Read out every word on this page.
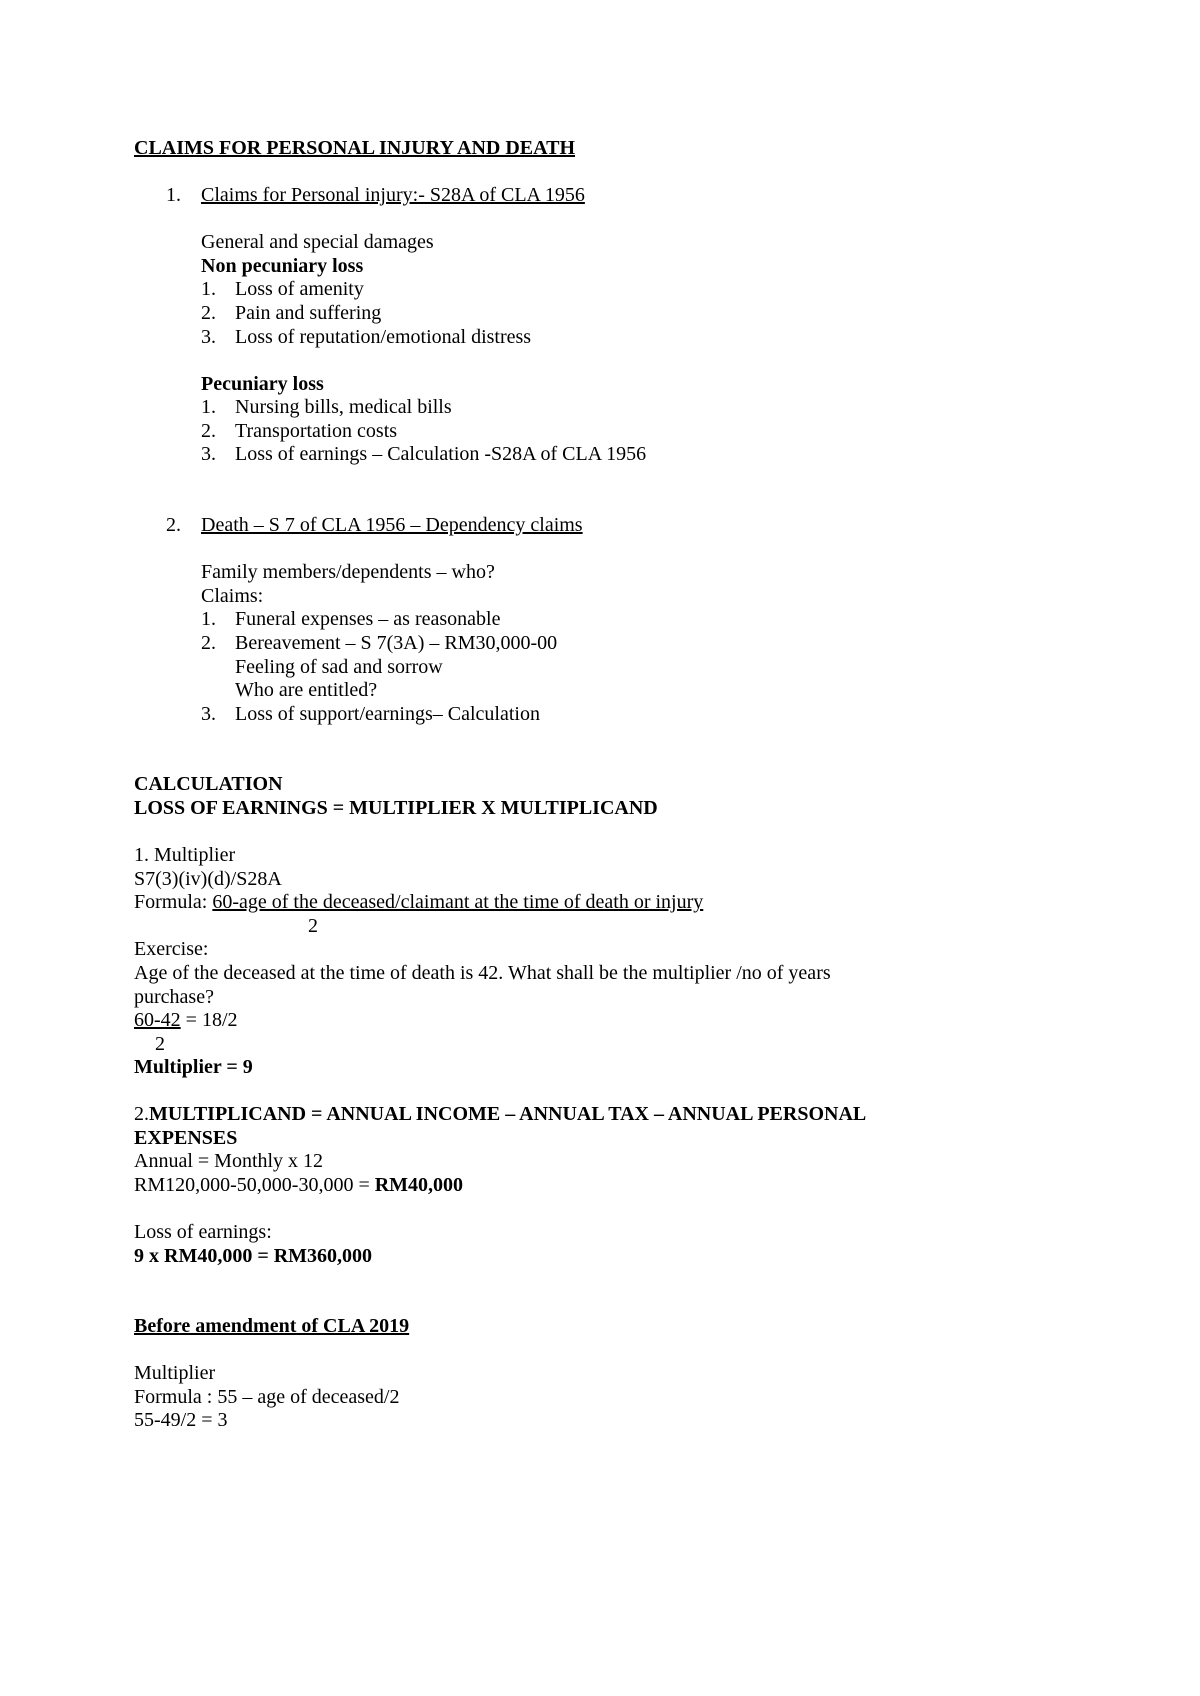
CLAIMS FOR PERSONAL INJURY AND DEATH
1. Claims for Personal injury:- S28A of CLA 1956
General and special damages
Non pecuniary loss
1. Loss of amenity
2. Pain and suffering
3. Loss of reputation/emotional distress
Pecuniary loss
1. Nursing bills, medical bills
2. Transportation costs
3. Loss of earnings – Calculation -S28A of CLA 1956
2. Death – S 7 of CLA 1956 – Dependency claims
Family members/dependents – who?
Claims:
1. Funeral expenses – as reasonable
2. Bereavement – S 7(3A) – RM30,000-00
Feeling of sad and sorrow
Who are entitled?
3. Loss of support/earnings– Calculation
CALCULATION
LOSS OF EARNINGS = MULTIPLIER X MULTIPLICAND
1. Multiplier
S7(3)(iv)(d)/S28A
Formula: 60-age of the deceased/claimant at the time of death or injury
2
Exercise:
Age of the deceased at the time of death is 42. What shall be the multiplier /no of years
purchase?
60-42 = 18/2
2
Multiplier = 9
2.MULTIPLICAND = ANNUAL INCOME – ANNUAL TAX – ANNUAL PERSONAL
EXPENSES
Annual = Monthly x 12
RM120,000-50,000-30,000 = RM40,000
Loss of earnings:
9 x RM40,000 = RM360,000
Before amendment of CLA 2019
Multiplier
Formula : 55 – age of deceased/2
55-49/2 = 3
